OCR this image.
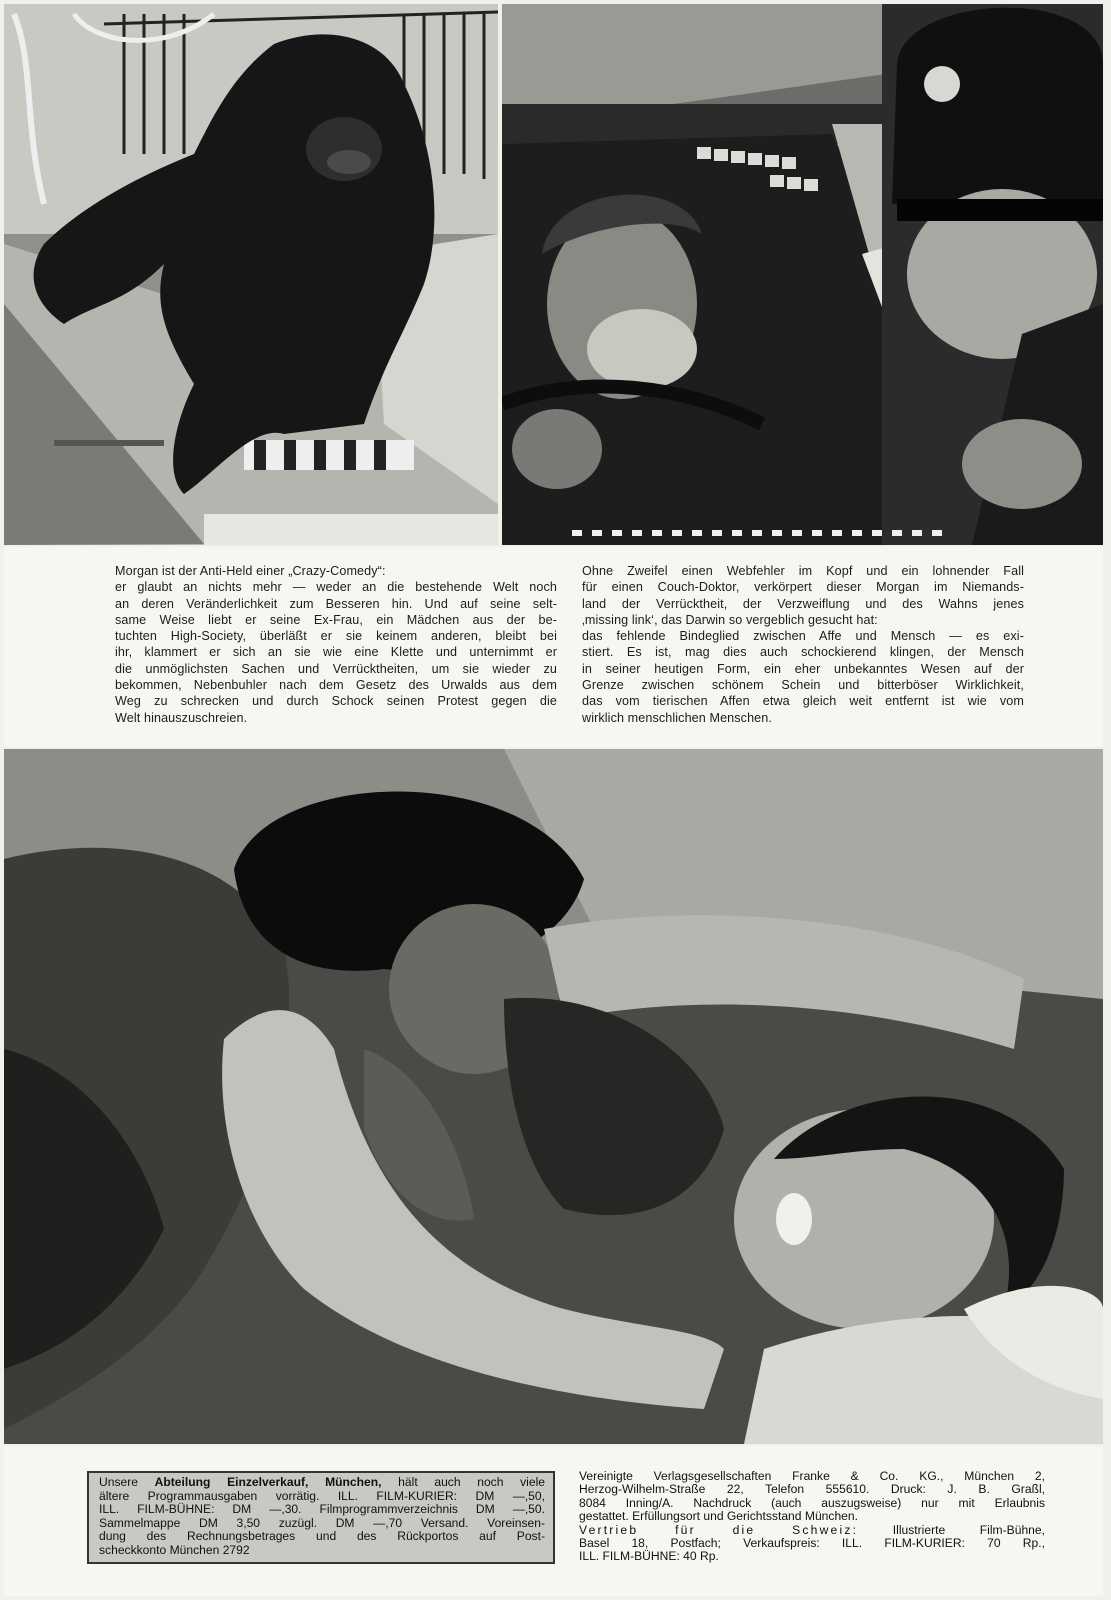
Morgan ist der Anti-Held einer „Crazy-Comedy“:
er glaubt an nichts mehr — weder an die bestehende Welt noch
an deren Veränderlichkeit zum Besseren hin. Und auf seine selt-
same Weise liebt er seine Ex-Frau, ein Mädchen aus der be-
tuchten High-Society, überläßt er sie keinem anderen, bleibt bei
ihr, klammert er sich an sie wie eine Klette und unternimmt er
die unmöglichsten Sachen und Verrücktheiten, um sie wieder zu
bekommen, Nebenbuhler nach dem Gesetz des Urwalds aus dem
Weg zu schrecken und durch Schock seinen Protest gegen die
Welt hinauszuschreien.

Ohne Zweifel einen Webfehler im Kopf und ein lohnender Fall
für einen Couch-Doktor, verkörpert dieser Morgan im Niemands-
land der Verrücktheit, der Verzweiflung und des Wahns jenes
‚missing link‘, das Darwin so vergeblich gesucht hat:
das fehlende Bindeglied zwischen Affe und Mensch — es exi-
stiert. Es ist, mag dies auch schockierend klingen, der Mensch
in seiner heutigen Form, ein eher unbekanntes Wesen auf der
Grenze zwischen schönem Schein und bitterböser Wirklichkeit,
das vom tierischen Affen etwa gleich weit entfernt ist wie vom
wirklich menschlichen Menschen.

Unsere Abteilung Einzelverkauf, München, hält auch noch viele
ältere Programmausgaben vorrätig. ILL. FILM-KURIER: DM —,50,
ILL. FILM-BÜHNE: DM —,30. Filmprogrammverzeichnis DM —,50.
Sammelmappe DM 3,50 zuzügl. DM —,70 Versand. Voreinsen-
dung des Rechnungsbetrages und des Rückportos auf Post-
scheckkonto München 2792
Vereinigte Verlagsgesellschaften Franke & Co. KG., München 2,
Herzog-Wilhelm-Straße 22, Telefon 555610. Druck: J. B. Graßl,
8084 Inning/A. Nachdruck (auch auszugsweise) nur mit Erlaubnis
gestattet. Erfüllungsort und Gerichtsstand München.
Vertrieb für die Schweiz: Illustrierte Film-Bühne,
Basel 18, Postfach; Verkaufspreis: ILL. FILM-KURIER: 70 Rp.,
ILL. FILM-BÜHNE: 40 Rp.
